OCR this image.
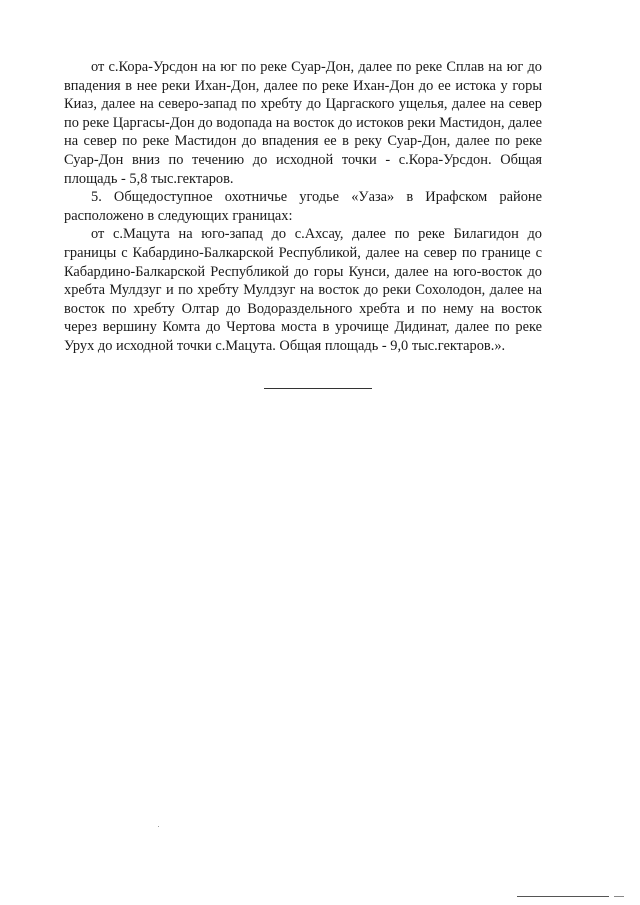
от с.Кора-Урсдон на юг по реке Суар-Дон, далее по реке Сплав на юг до впадения в нее реки Ихан-Дон, далее по реке Ихан-Дон до ее истока у горы Киаз, далее на северо-запад по хребту до Царгаского ущелья, далее на север по реке Царгасы-Дон до водопада на восток до истоков реки Мастидон, далее на север по реке Мастидон до впадения ее в реку Суар-Дон, далее по реке Суар-Дон вниз по течению до исходной точки - с.Кора-Урсдон. Общая площадь - 5,8 тыс.гектаров.

5. Общедоступное охотничье угодье «Уаза» в Ирафском районе расположено в следующих границах:

от с.Мацута на юго-запад до с.Ахсау, далее по реке Билагидон до границы с Кабардино-Балкарской Республикой, далее на север по границе с Кабардино-Балкарской Республикой до горы Кунси, далее на юго-восток до хребта Мулдзуг и по хребту Мулдзуг на восток до реки Сохолодон, далее на восток по хребту Олтар до Водораздельного хребта и по нему на восток через вершину Комта до Чертова моста в урочище Дидинат, далее по реке Урух до исходной точки с.Мацута. Общая площадь - 9,0 тыс.гектаров.».
